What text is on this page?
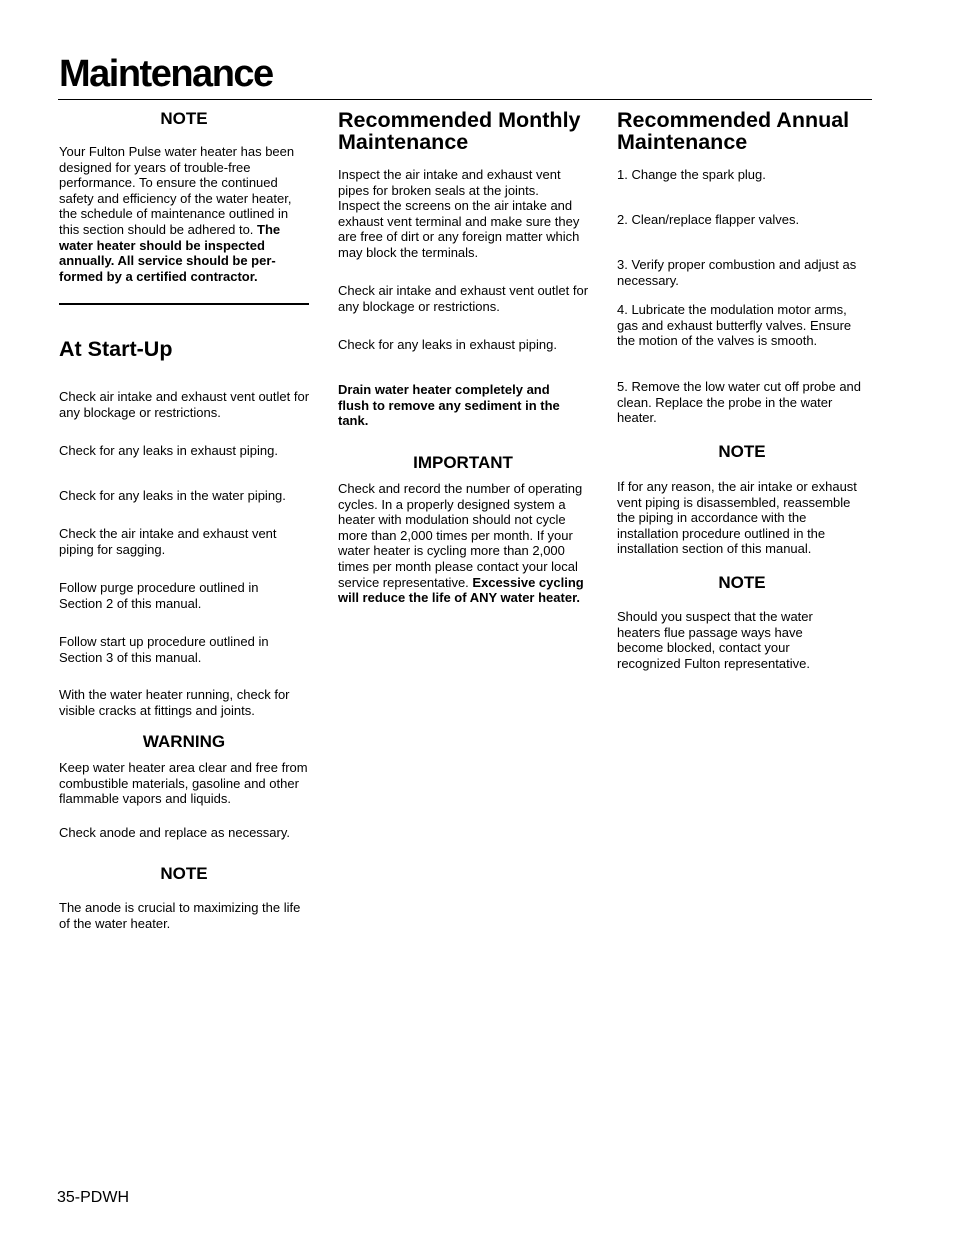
Maintenance
NOTE

Your Fulton Pulse water heater has been designed for years of trouble-free performance. To ensure the continued safety and efficiency of the water heater, the schedule of maintenance outlined in this section should be adhered to. The water heater should be inspected annually. All service should be per-formed by a certified contractor.

At Start-Up

Check air intake and exhaust vent outlet for any blockage or restrictions.

Check for any leaks in exhaust piping.

Check for any leaks in the water piping.

Check the air intake and exhaust vent piping for sagging.

Follow purge procedure outlined in Section 2 of this manual.

Follow start up procedure outlined in Section 3 of this manual.

With the water heater running, check for visible cracks at fittings and joints.

WARNING

Keep water heater area clear and free from combustible materials, gasoline and other flammable vapors and liquids.

Check anode and replace as necessary.

NOTE

The anode is crucial to maximizing the life of the water heater.

Recommended Monthly Maintenance

Inspect the air intake and exhaust vent pipes for broken seals at the joints. Inspect the screens on the air intake and exhaust vent terminal and make sure they are free of dirt or any foreign matter which may block the terminals.

Check air intake and exhaust vent outlet for any blockage or restrictions.

Check for any leaks in exhaust piping.

Drain water heater completely and flush to remove any sediment in the tank.

IMPORTANT

Check and record the number of operating cycles. In a properly designed system a heater with modulation should not cycle more than 2,000 times per month. If your water heater is cycling more than 2,000 times per month please contact your local service representative. Excessive cycling will reduce the life of ANY water heater.

Recommended Annual Maintenance

1. Change the spark plug.

2. Clean/replace flapper valves.

3. Verify proper combustion and adjust as necessary.

4. Lubricate the modulation motor arms, gas and exhaust butterfly valves. Ensure the motion of the valves is smooth.

5. Remove the low water cut off probe and clean. Replace the probe in the water heater.

NOTE

If for any reason, the air intake or exhaust vent piping is disassembled, reassemble the piping in accordance with the installation procedure outlined in the installation section of this manual.

NOTE

Should you suspect that the water heaters flue passage ways have become blocked, contact your recognized Fulton representative.

35-PDWH
